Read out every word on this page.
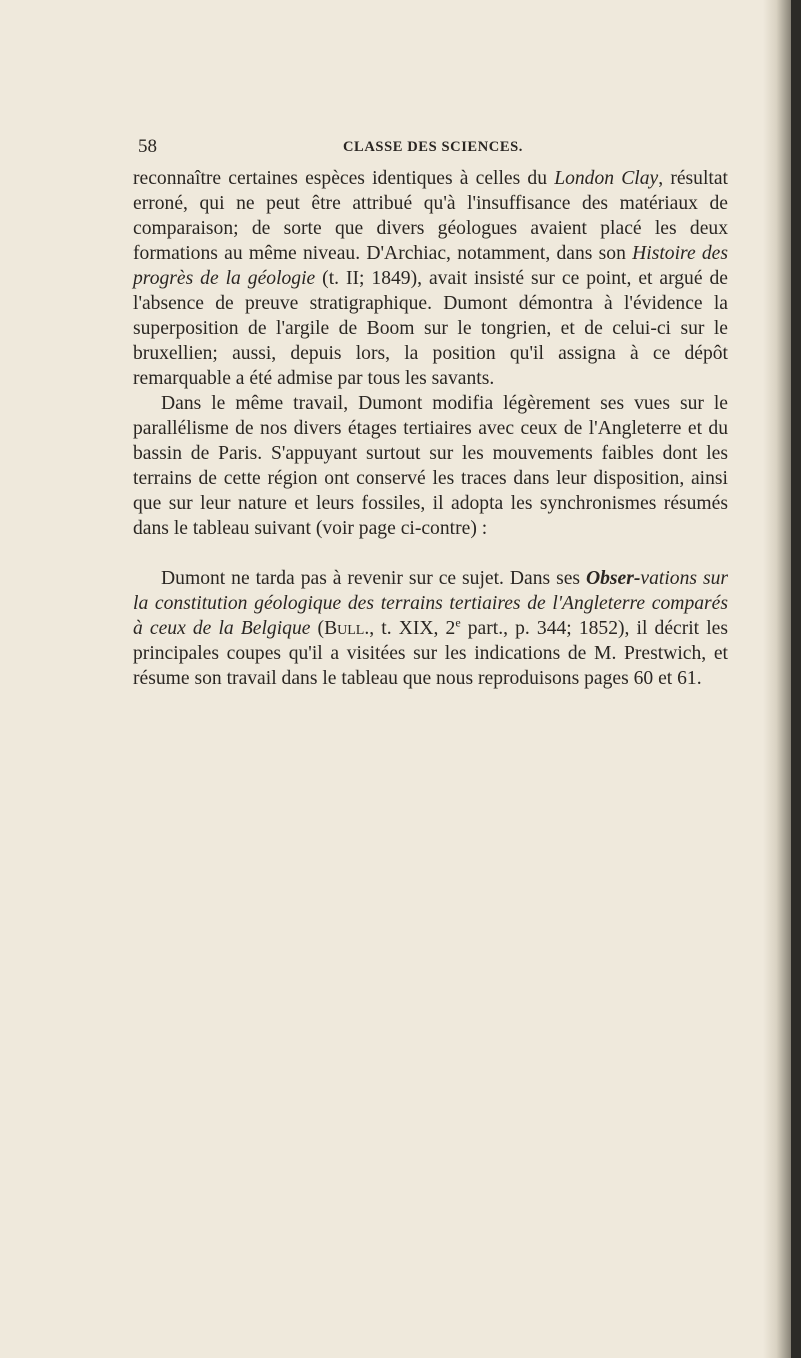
58	CLASSE DES SCIENCES.

reconnaître certaines espèces identiques à celles du London Clay, résultat erroné, qui ne peut être attribué qu'à l'insuffisance des matériaux de comparaison; de sorte que divers géologues avaient placé les deux formations au même niveau. D'Archiac, notamment, dans son Histoire des progrès de la géologie (t. II; 1849), avait insisté sur ce point, et argué de l'absence de preuve stratigraphique. Dumont démontra à l'évidence la superposition de l'argile de Boom sur le tongrien, et de celui-ci sur le bruxellien; aussi, depuis lors, la position qu'il assigna à ce dépôt remarquable a été admise par tous les savants.

Dans le même travail, Dumont modifia légèrement ses vues sur le parallélisme de nos divers étages tertiaires avec ceux de l'Angleterre et du bassin de Paris. S'appuyant surtout sur les mouvements faibles dont les terrains de cette région ont conservé les traces dans leur disposition, ainsi que sur leur nature et leurs fossiles, il adopta les synchronismes résumés dans le tableau suivant (voir page ci-contre) :

Dumont ne tarda pas à revenir sur ce sujet. Dans ses Obser-vations sur la constitution géologique des terrains tertiaires de l'Angleterre comparés à ceux de la Belgique (Bull., t. XIX, 2e part., p. 344; 1852), il décrit les principales coupes qu'il a visitées sur les indications de M. Prestwich, et résume son travail dans le tableau que nous reproduisons pages 60 et 61.
